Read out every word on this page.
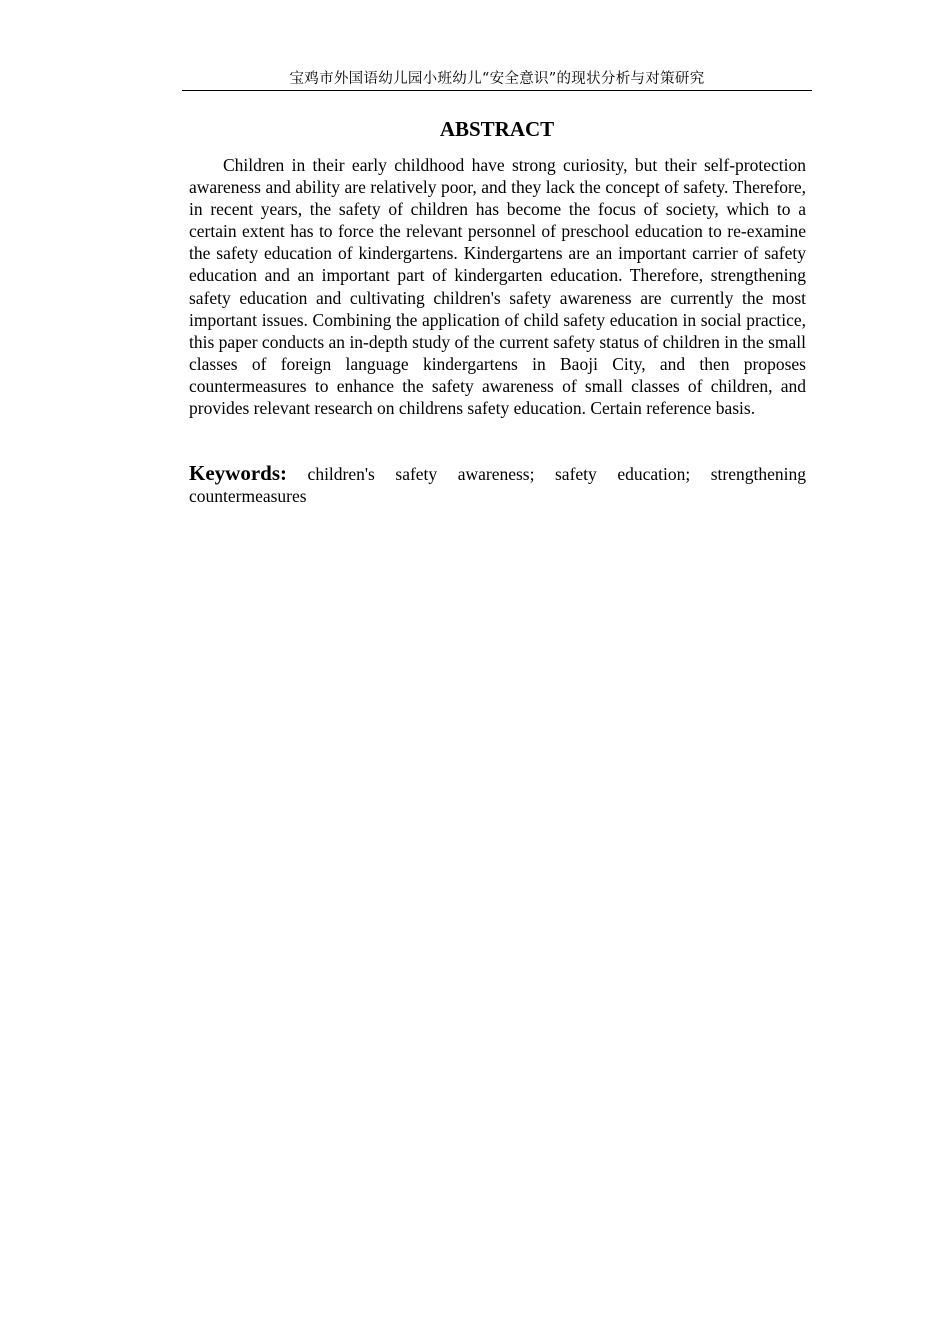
宝鸡市外国语幼儿园小班幼儿“安全意识”的现状分析与对策研究
ABSTRACT

Children in their early childhood have strong curiosity, but their self-protection awareness and ability are relatively poor, and they lack the concept of safety. Therefore, in recent years, the safety of children has become the focus of society, which to a certain extent has to force the relevant personnel of preschool education to re-examine the safety education of kindergartens. Kindergartens are an important carrier of safety education and an important part of kindergarten education. Therefore, strengthening safety education and cultivating children's safety awareness are currently the most important issues. Combining the application of child safety education in social practice, this paper conducts an in-depth study of the current safety status of children in the small classes of foreign language kindergartens in Baoji City, and then proposes countermeasures to enhance the safety awareness of small classes of children, and provides relevant research on childrens safety education. Certain reference basis.

Keywords: children's safety awareness; safety education; strengthening countermeasures
